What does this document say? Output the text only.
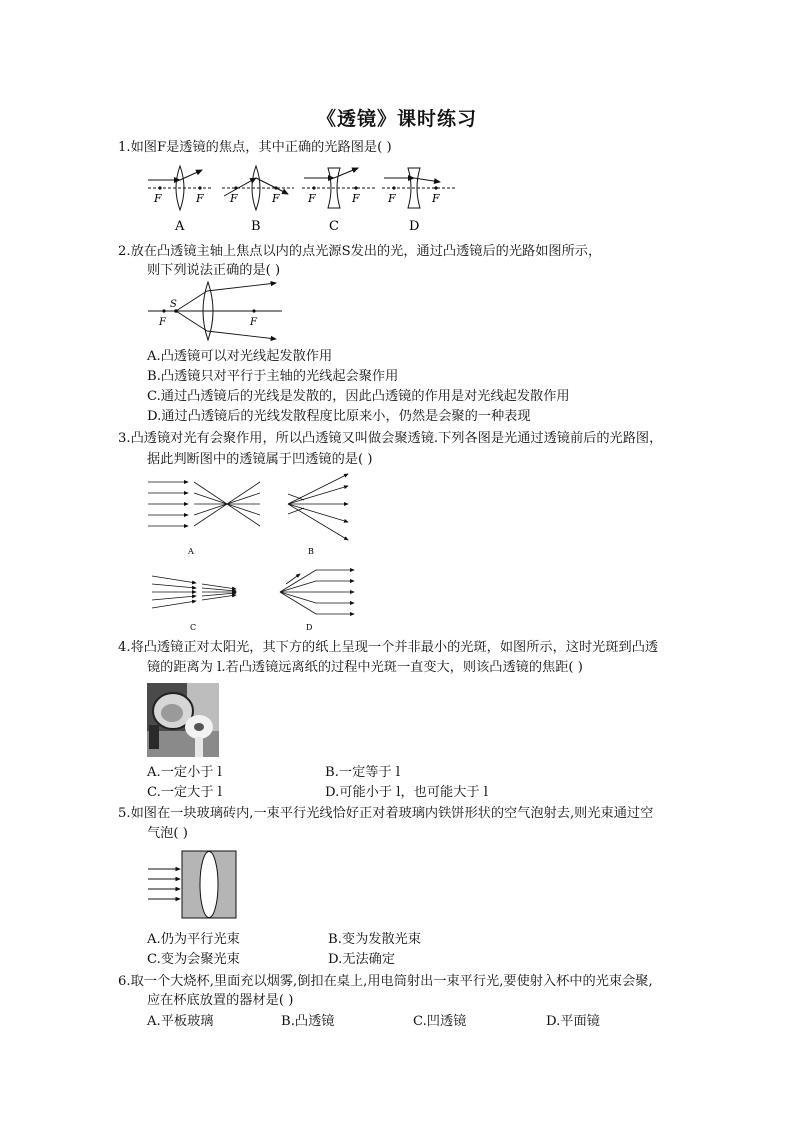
《透镜》课时练习
1.如图F是透镜的焦点，其中正确的光路图是( )
F	F
A
F	F
B
F	F
C
F	F
D
2.放在凸透镜主轴上焦点以内的点光源S发出的光，通过凸透镜后的光路如图所示，
则下列说法正确的是( )
S
F	F
A.凸透镜可以对光线起发散作用
B.凸透镜只对平行于主轴的光线起会聚作用
C.通过凸透镜后的光线是发散的，因此凸透镜的作用是对光线起发散作用
D.通过凸透镜后的光线发散程度比原来小，仍然是会聚的一种表现
3.凸透镜对光有会聚作用，所以凸透镜又叫做会聚透镜.下列各图是光通过透镜前后的光路图，
据此判断图中的透镜属于凹透镜的是( )
A	B
C	D
4.将凸透镜正对太阳光，其下方的纸上呈现一个并非最小的光斑，如图所示，这时光斑到凸透
镜的距离为 l.若凸透镜远离纸的过程中光斑一直变大，则该凸透镜的焦距( )
A.一定小于 l	B.一定等于 l
C.一定大于 l	D.可能小于 l，也可能大于 l
5.如图在一块玻璃砖内,一束平行光线恰好正对着玻璃内铁饼形状的空气泡射去,则光束通过空
气泡( )
A.仍为平行光束	B.变为发散光束
C.变为会聚光束	D.无法确定
6.取一个大烧杯,里面充以烟雾,倒扣在桌上,用电筒射出一束平行光,要使射入杯中的光束会聚,
应在杯底放置的器材是( )
A.平板玻璃	B.凸透镜	C.凹透镜	D.平面镜
